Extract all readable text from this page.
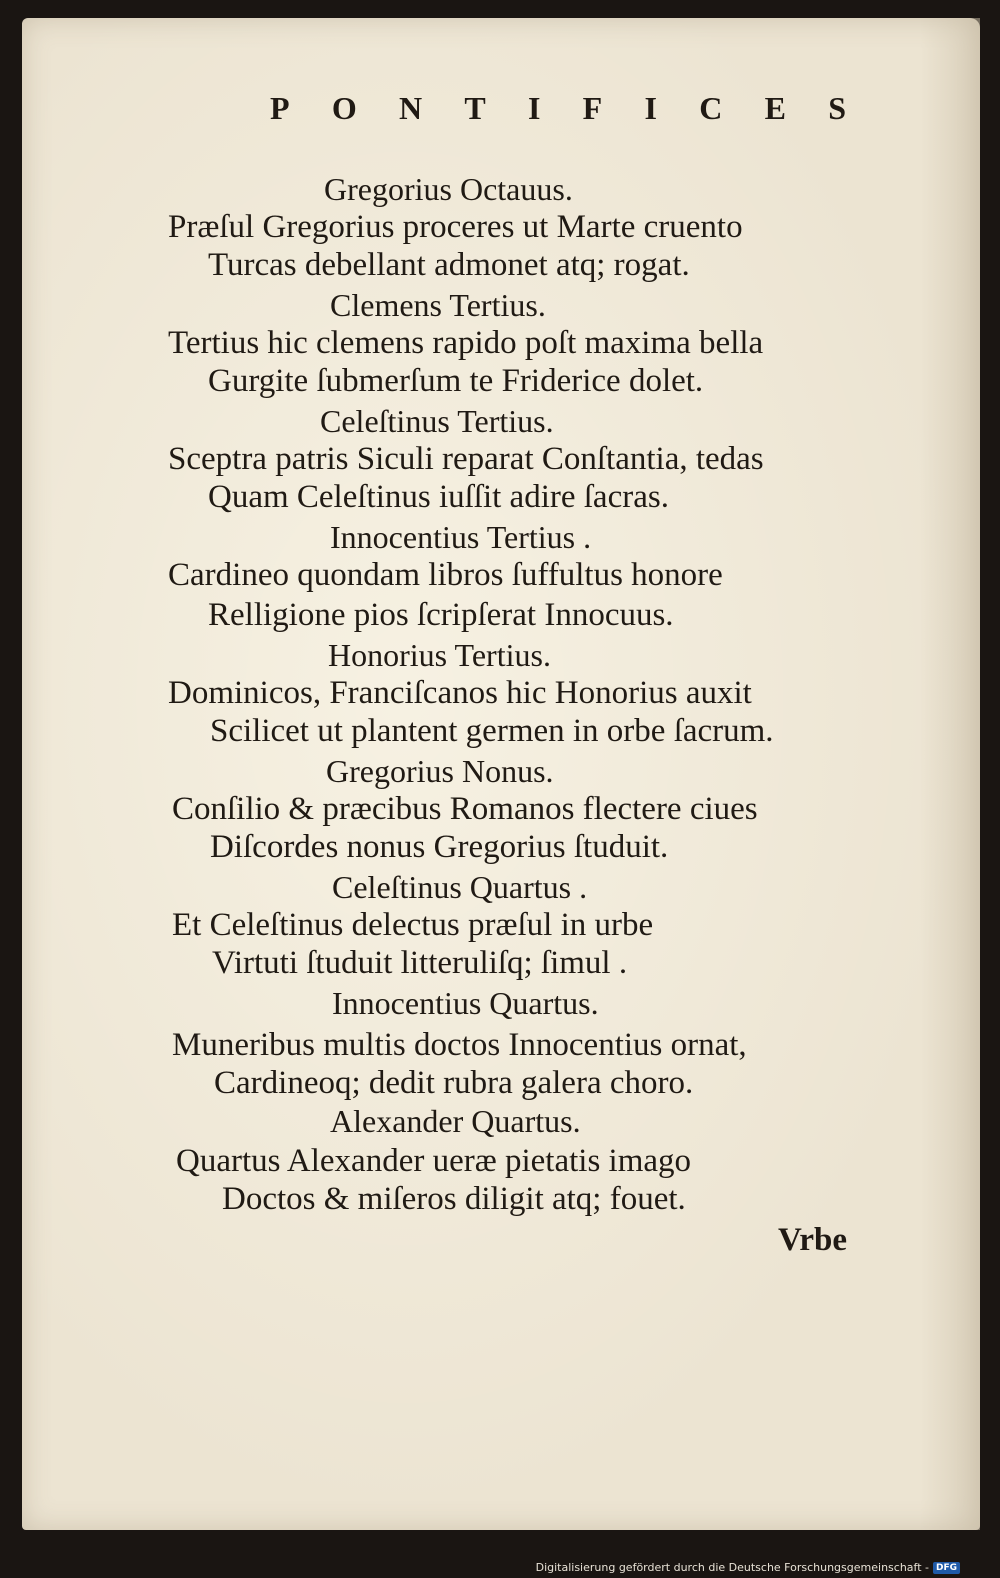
P O N T I F I C E S
Gregorius Octauus.
Præſul Gregorius proceres ut Marte cruento
Turcas debellant admonet atq; rogat.
Clemens Tertius.
Tertius hic clemens rapido poſt maxima bella
Gurgite ſubmerſum te Friderice dolet.
Celeſtinus Tertius.
Sceptra patris Siculi reparat Conſtantia, tedas
Quam Celeſtinus iuſſit adire ſacras.
Innocentius Tertius .
Cardineo quondam libros ſuffultus honore
Relligione pios ſcripſerat Innocuus.
Honorius Tertius.
Dominicos, Franciſcanos hic Honorius auxit
Scilicet ut plantent germen in orbe ſacrum.
Gregorius Nonus.
Conſilio & præcibus Romanos flectere ciues
Diſcordes nonus Gregorius ſtuduit.
Celeſtinus Quartus .
Et Celeſtinus delectus præſul in urbe
Virtuti ſtuduit litteruliſq; ſimul .
Innocentius Quartus.
Muneribus multis doctos Innocentius ornat,
Cardineoq; dedit rubra galera choro.
Alexander Quartus.
Quartus Alexander ueræ pietatis imago
Doctos & miſeros diligit atq; fouet.
Vrbe
Digitalisierung gefördert durch die Deutsche Forschungsgemeinschaft - DFG
